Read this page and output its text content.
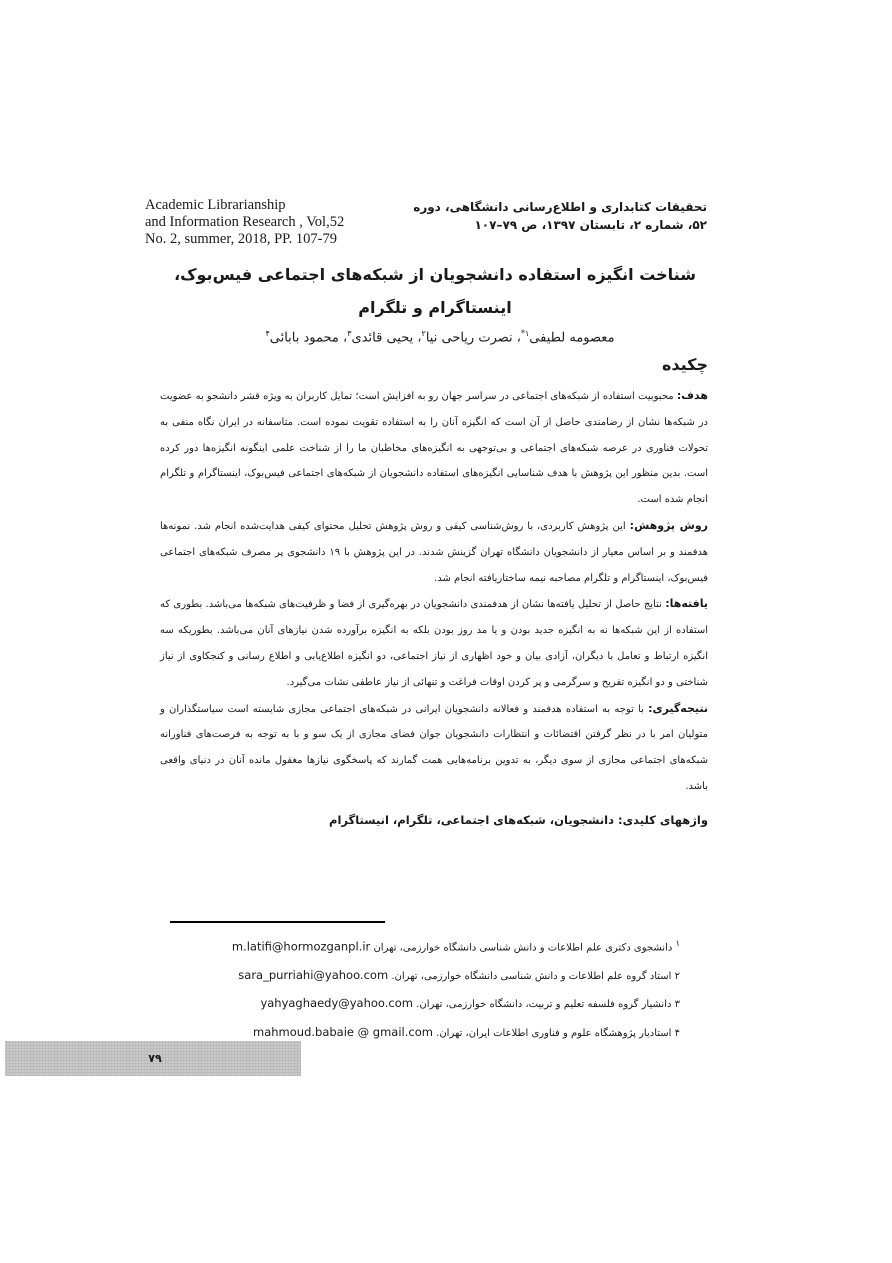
Academic Librarianship
and Information Research , Vol,52
No. 2, summer, 2018, PP. 107-79
تحقیقات کتابداری و اطلاع‌رسانی دانشگاهی، دوره
۵۲، شماره ۲، تابستان ۱۳۹۷، ص ۷۹–۱۰۷
شناخت انگیزه استفاده دانشجویان از شبکه‌های اجتماعی فیس‌بوک، اینستاگرام و تلگرام
معصومه لطیفی$^{۱*}$، نصرت ریاحی نیا$^۲$، یحیی قائدی$^۳$، محمود بابائی$^۴$
چکیده

هدف: محبوبیت استفاده از شبکه‌های اجتماعی در سراسر جهان رو به افزایش است؛ تمایل کاربران به ویژه قشر دانشجو به عضویت در شبکه‌ها نشان از رضامندی حاصل از آن است که انگیزه آنان را به استفاده تقویت نموده است. متاسفانه در ایران نگاه منفی به تحولات فناوری در عرصه شبکه‌های اجتماعی و بی‌توجهی به انگیزه‌های مخاطبان ما را از شناخت علمی اینگونه انگیزه‌ها دور کرده است. بدین منظور این پژوهش با هدف شناسایی انگیزه‌های استفاده دانشجویان از شبکه‌های اجتماعی فیس‌بوک، اینستاگرام و تلگرام انجام شده است.

روش پژوهش: این پژوهش کاربردی، با روش‌شناسی کیفی و روش پژوهش تحلیل محتوای کیفی هدایت‌شده انجام شد. نمونه‌ها هدفمند و بر اساس معیار از دانشجویان دانشگاه تهران گزینش شدند. در این پژوهش با ۱۹ دانشجوی پر مصرف شبکه‌های اجتماعی فیس‌بوک، اینستاگرام و تلگرام مصاحبه نیمه ساختاریافته انجام شد.

یافته‌ها: نتایج حاصل از تحلیل یافته‌ها نشان از هدفمندی دانشجویان در بهره‌گیری از فضا و ظرفیت‌های شبکه‌ها می‌باشد. بطوری که استفاده از این شبکه‌ها نه به انگیزه جدید بودن و یا مد روز بودن بلکه به انگیزه برآورده شدن نیازهای آنان می‌باشد. بطوریکه سه انگیزه ارتباط و تعامل با دیگران، آزادی بیان و خود اظهاری از نیاز اجتماعی، دو انگیزه اطلاع‌یابی و اطلاع رسانی و کنجکاوی از نیاز شناختی و دو انگیزه تفریح و سرگرمی و پر کردن اوقات فراغت و تنهائی از نیاز عاطفی نشات می‌گیرد.

نتیجه‌گیری: با توجه به استفاده هدفمند و فعالانه دانشجویان ایرانی در شبکه‌های اجتماعی مجازی شایسته است سیاستگذاران و متولیان امر با در نظر گرفتن اقتضائات و انتظارات دانشجویان جوان فضای مجازی از یک سو و با به توجه به فرصت‌های فناورانه شبکه‌های اجتماعی مجازی از سوی دیگر، به تدوین برنامه‌هایی همت گمارند که پاسخگوی نیازها مغفول مانده آنان در دنیای واقعی باشد.

واژههای کلیدی: دانشجویان، شبکه‌های اجتماعی، تلگرام، انیستاگرام
$^۱$ دانشجوی دکتری علم اطلاعات و دانش شناسی دانشگاه خوارزمی، تهران m.latifi@hormozganpl.ir
۲ استاد گروه علم اطلاعات و دانش شناسی دانشگاه خوارزمی، تهران. sara_purriahi@yahoo.com
۳ دانشیار گروه فلسفه تعلیم و تربیت، دانشگاه خوارزمی، تهران. yahyaghaedy@yahoo.com
۴ استادیار پژوهشگاه علوم و فناوری اطلاعات ایران، تهران. mahmoud.babaie @ gmail.com
۷۹
